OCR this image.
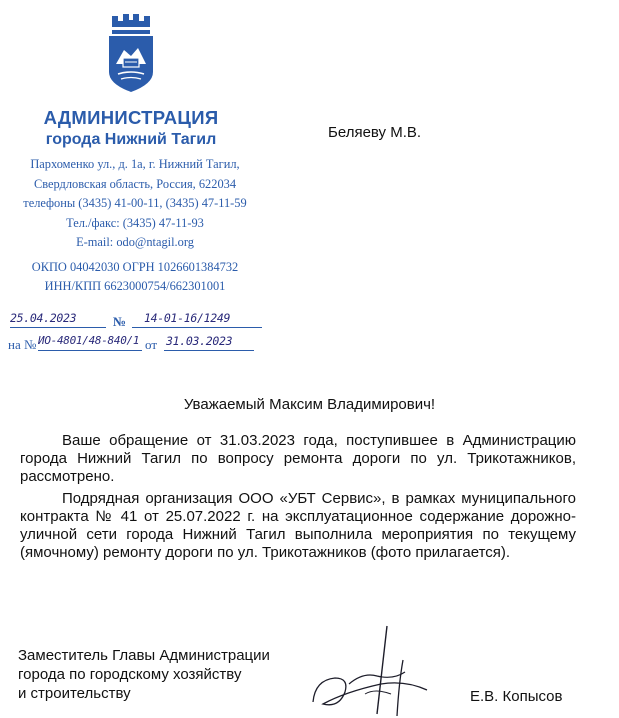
АДМИНИСТРАЦИЯ
города Нижний Тагил
Пархоменко ул., д. 1а, г. Нижний Тагил,
Свердловская область, Россия, 622034
телефоны (3435) 41-00-11, (3435) 47-11-59
Тел./факс: (3435) 47-11-93
E-mail: odo@ntagil.org
ОКПО 04042030 ОГРН 1026601384732
ИНН/КПП 6623000754/662301001
25.04.2023	№ 14-01-16/1249
на № ИО-4801/48-840/1 от 31.03.2023
Беляеву М.В.
Уважаемый Максим Владимирович!
Ваше обращение от 31.03.2023 года, поступившее в Администрацию города Нижний Тагил по вопросу ремонта дороги по ул. Трикотажников, рассмотрено.
Подрядная организация ООО «УБТ Сервис», в рамках муниципального контракта № 41 от 25.07.2022 г. на эксплуатационное содержание дорожно-уличной сети города Нижний Тагил выполнила мероприятия по текущему (ямочному) ремонту дороги по ул. Трикотажников (фото прилагается).
Заместитель Главы Администрации
города по городскому хозяйству
и строительству	Е.В. Копысов
